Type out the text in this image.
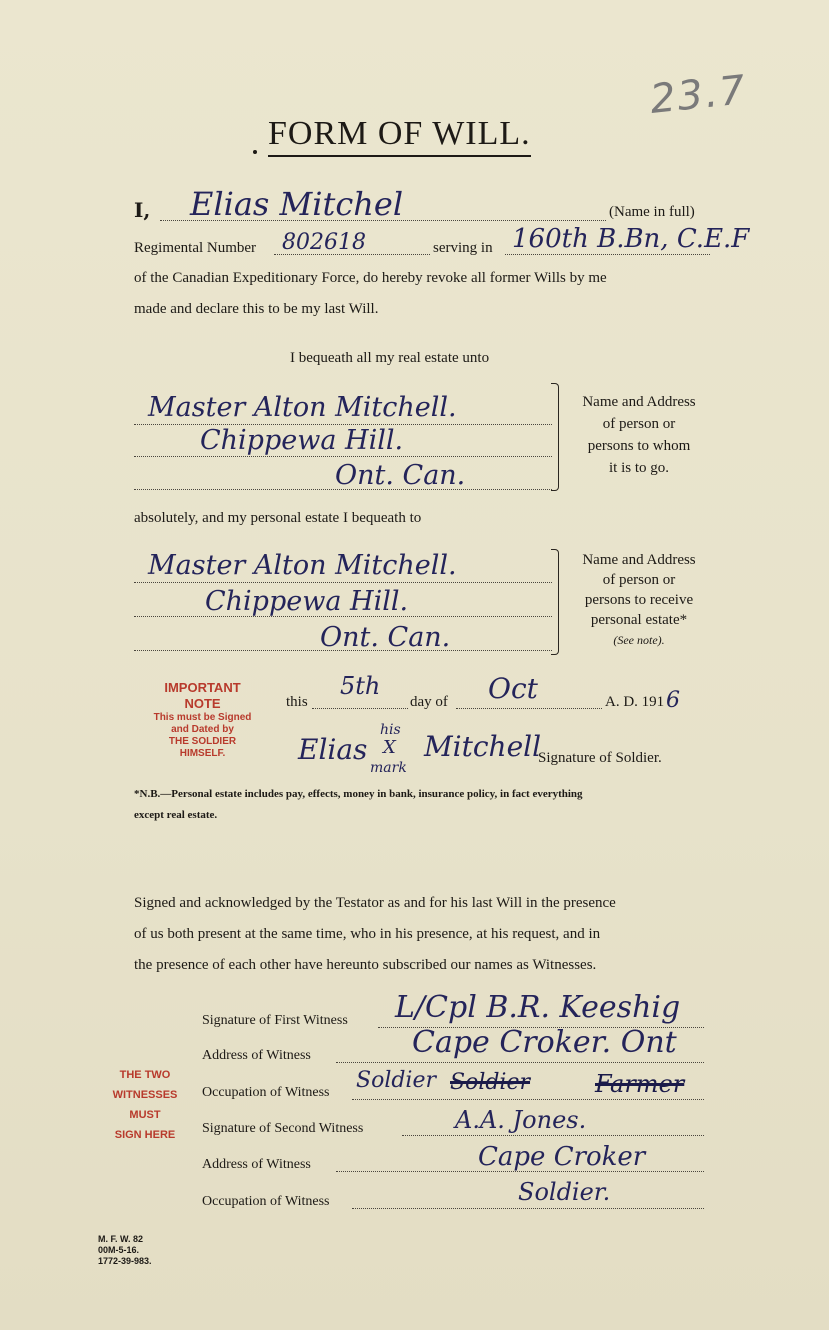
23.7
FORM OF WILL.
I, Elias Mitchel	(Name in full)
Regimental Number 802618	serving in 160th B.Bn, C.E.F
of the Canadian Expeditionary Force, do hereby revoke all former Wills by me
made and declare this to be my last Will.
I bequeath all my real estate unto
Master Alton Mitchell.
Chippewa Hill.
Ont. Can.
Name and Address
of person or
persons to whom
it is to go.
absolutely, and my personal estate I bequeath to
Master Alton Mitchell.
Chippewa Hill.
Ont. Can.
Name and Address
of person or
persons to receive
personal estate*
(See note).
IMPORTANT
NOTE
This must be Signed
and Dated by
THE SOLDIER
HIMSELF.
this
5th
day of Oct	A. D. 191 6
Elias
his
X
mark
Mitchell
Signature of Soldier.
*N.B.—Personal estate includes pay, effects, money in bank, insurance policy, in fact everything
except real estate.
Signed and acknowledged by the Testator as and for his last Will in the presence
of us both present at the same time, who in his presence, at his request, and in
the presence of each other have hereunto subscribed our names as Witnesses.
THE TWO
WITNESSES
MUST
SIGN HERE
Signature of First Witness L/Cpl B.R. Keeshig
Address of Witness	Cape Croker. Ont
Occupation of Witness Soldier Soldier	Farmer
Signature of Second Witness	A.A. Jones.
Address of Witness	Cape Croker
Occupation of Witness	Soldier.
M. F. W. 82
00M-5-16.
1772-39-983.
